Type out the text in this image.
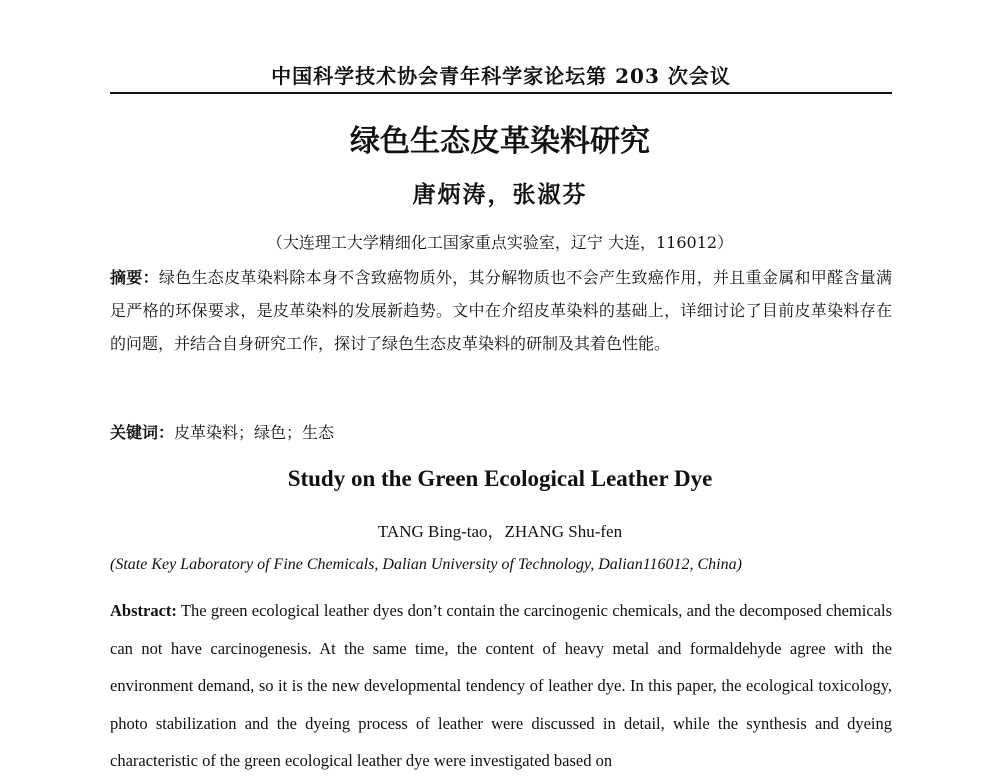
中国科学技术协会青年科学家论坛第 203 次会议
绿色生态皮革染料研究
唐炳涛，张淑芬
（大连理工大学精细化工国家重点实验室，辽宁 大连，116012）
摘要：绿色生态皮革染料除本身不含致癌物质外，其分解物质也不会产生致癌作用，并且重金属和甲醛含量满足严格的环保要求，是皮革染料的发展新趋势。文中在介绍皮革染料的基础上，详细讨论了目前皮革染料存在的问题，并结合自身研究工作，探讨了绿色生态皮革染料的研制及其着色性能。
关键词：皮革染料；绿色；生态
Study on the Green Ecological Leather Dye
TANG Bing-tao，ZHANG Shu-fen
(State Key Laboratory of Fine Chemicals, Dalian University of Technology, Dalian116012, China)
Abstract: The green ecological leather dyes don’t contain the carcinogenic chemicals, and the decomposed chemicals can not have carcinogenesis. At the same time, the content of heavy metal and formaldehyde agree with the environment demand, so it is the new developmental tendency of leather dye. In this paper, the ecological toxicology, photo stabilization and the dyeing process of leather were discussed in detail, while the synthesis and dyeing characteristic of the green ecological leather dye were investigated based on
